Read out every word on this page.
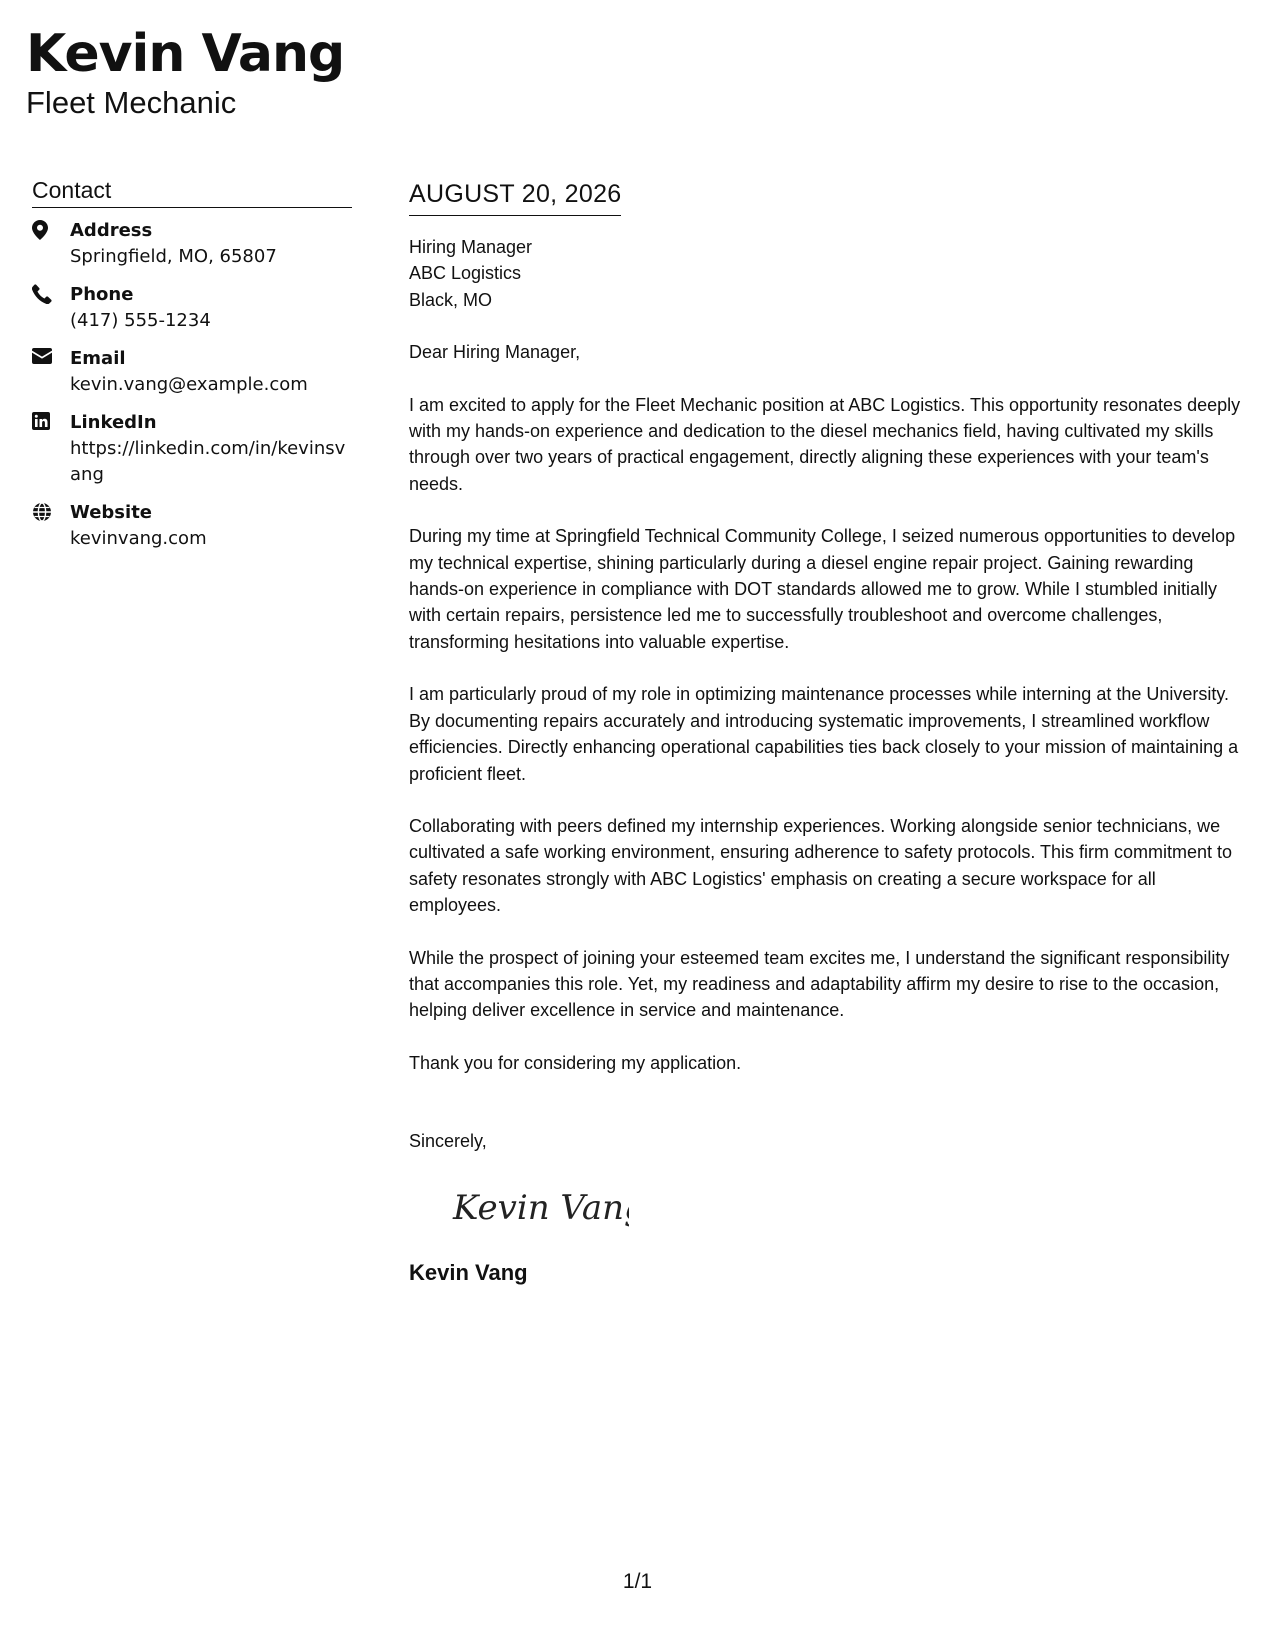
Kevin Vang
Fleet Mechanic
Contact
Address
Springfield, MO, 65807
Phone
(417) 555-1234
Email
kevin.vang@example.com
LinkedIn
https://linkedin.com/in/kevinsvang
Website
kevinvang.com
AUGUST 20, 2026
Hiring Manager
ABC Logistics
Black, MO
Dear Hiring Manager,
I am excited to apply for the Fleet Mechanic position at ABC Logistics. This opportunity resonates deeply with my hands-on experience and dedication to the diesel mechanics field, having cultivated my skills through over two years of practical engagement, directly aligning these experiences with your team's needs.
During my time at Springfield Technical Community College, I seized numerous opportunities to develop my technical expertise, shining particularly during a diesel engine repair project. Gaining rewarding hands-on experience in compliance with DOT standards allowed me to grow. While I stumbled initially with certain repairs, persistence led me to successfully troubleshoot and overcome challenges, transforming hesitations into valuable expertise.
I am particularly proud of my role in optimizing maintenance processes while interning at the University. By documenting repairs accurately and introducing systematic improvements, I streamlined workflow efficiencies. Directly enhancing operational capabilities ties back closely to your mission of maintaining a proficient fleet.
Collaborating with peers defined my internship experiences. Working alongside senior technicians, we cultivated a safe working environment, ensuring adherence to safety protocols. This firm commitment to safety resonates strongly with ABC Logistics' emphasis on creating a secure workspace for all employees.
While the prospect of joining your esteemed team excites me, I understand the significant responsibility that accompanies this role. Yet, my readiness and adaptability affirm my desire to rise to the occasion, helping deliver excellence in service and maintenance.
Thank you for considering my application.
Sincerely,
Kevin Vang
Kevin Vang
1/1
